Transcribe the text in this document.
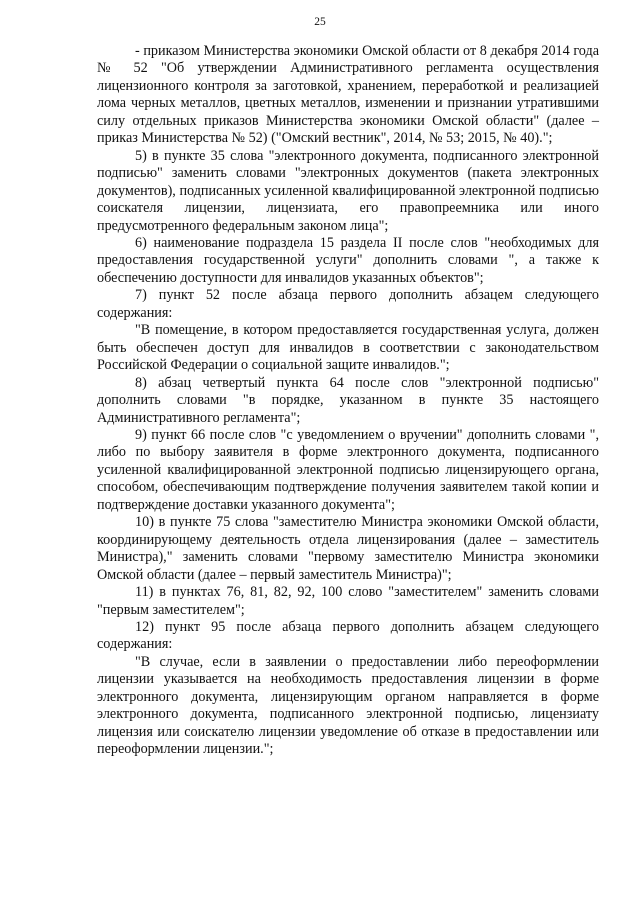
25

- приказом Министерства экономики Омской области от 8 декабря 2014 года № 52 "Об утверждении Административного регламента осуществления лицензионного контроля за заготовкой, хранением, переработкой и реализацией лома черных металлов, цветных металлов, изменении и признании утратившими силу отдельных приказов Министерства экономики Омской области" (далее – приказ Министерства № 52) ("Омский вестник", 2014, № 53; 2015, № 40).";

5) в пункте 35 слова "электронного документа, подписанного электронной подписью" заменить словами "электронных документов (пакета электронных документов), подписанных усиленной квалифицированной электронной подписью соискателя лицензии, лицензиата, его правопреемника или иного предусмотренного федеральным законом лица";

6) наименование подраздела 15 раздела II после слов "необходимых для предоставления государственной услуги" дополнить словами ", а также к обеспечению доступности для инвалидов указанных объектов";

7) пункт 52 после абзаца первого дополнить абзацем следующего содержания:

"В помещение, в котором предоставляется государственная услуга, должен быть обеспечен доступ для инвалидов в соответствии с законодательством Российской Федерации о социальной защите инвалидов.";

8) абзац четвертый пункта 64 после слов "электронной подписью" дополнить словами "в порядке, указанном в пункте 35 настоящего Административного регламента";

9) пункт 66 после слов "с уведомлением о вручении" дополнить словами ", либо по выбору заявителя в форме электронного документа, подписанного усиленной квалифицированной электронной подписью лицензирующего органа, способом, обеспечивающим подтверждение получения заявителем такой копии и подтверждение доставки указанного документа";

10) в пункте 75 слова "заместителю Министра экономики Омской области, координирующему деятельность отдела лицензирования (далее – заместитель Министра)," заменить словами "первому заместителю Министра экономики Омской области (далее – первый заместитель Министра)";

11) в пунктах 76, 81, 82, 92, 100 слово "заместителем" заменить словами "первым заместителем";

12) пункт 95 после абзаца первого дополнить абзацем следующего содержания:

"В случае, если в заявлении о предоставлении либо переоформлении лицензии указывается на необходимость предоставления лицензии в форме электронного документа, лицензирующим органом направляется в форме электронного документа, подписанного электронной подписью, лицензиату лицензия или соискателю лицензии уведомление об отказе в предоставлении или переоформлении лицензии.";
